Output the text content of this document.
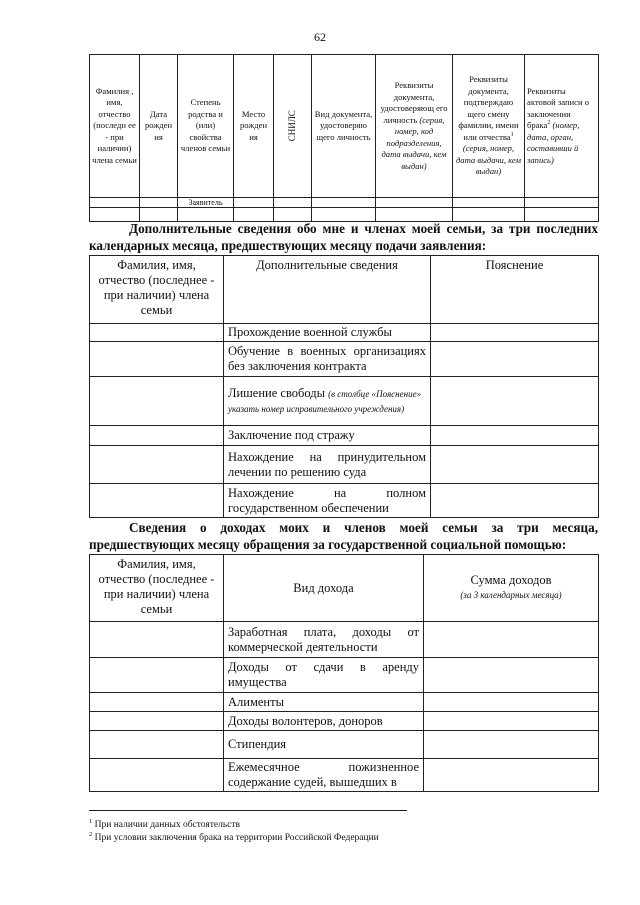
62
Фамилия , имя, отчество (последн ее - при наличии) члена семьи	Дата рожден ия	Степень родства и (или) свойства членов семьи	Место рожден ия	СНИЛС	Вид документа, удостоверяю щего личность	Реквизиты документа, удостоверяющ его личность (серия, номер, код подразделения, дата выдачи, кем выдан)	Реквизиты документа, подтверждаю щего смену фамилии, имени или отчества$^1$ (серия, номер, дата выдачи, кем выдан)	Реквизиты актовой записи о заключении брака$^2$ (номер, дата, орган, составивши й запись)

		Заявитель						

Дополнительные сведения обо мне и членах моей семьи, за три последних календарных месяца, предшествующих месяцу подачи заявления:
Фамилия, имя, отчество (последнее - при наличии) члена семьи	Дополнительные сведения	Пояснение
	Прохождение военной службы	
	Обучение в военных организациях без заключения контракта	
	Лишение свободы (в столбце «Пояснение» указать номер исправительного учреждения)	
	Заключение под стражу	
	Нахождение на принудительном лечении по решению суда	
	Нахождение на полном государственном обеспечении	
Сведения о доходах моих и членов моей семьи за три месяца, предшествующих месяцу обращения за государственной социальной помощью:
Фамилия, имя, отчество (последнее - при наличии) члена семьи	Вид дохода	Сумма доходов
(за 3 календарных месяца)

	Заработная плата, доходы от коммерческой деятельности	
	Доходы от сдачи в аренду имущества	
	Алименты	
	Доходы волонтеров, доноров	
	Стипендия	
	Ежемесячное пожизненное содержание судей, вышедших в	
$^1$ При наличии данных обстоятельств
$^2$ При условии заключения брака на территории Российской Федерации
